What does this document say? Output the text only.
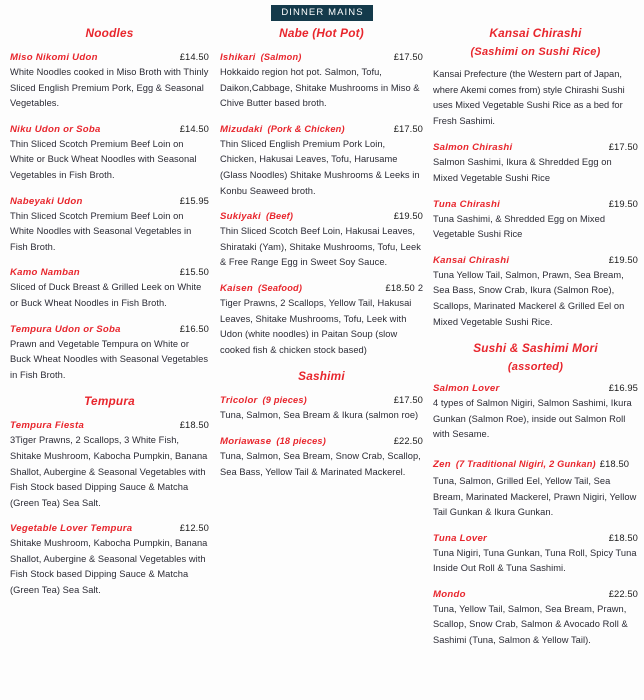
DINNER MAINS
Noodles
Miso Nikomi Udon	£14.50
White Noodles cooked in Miso Broth with Thinly Sliced English Premium Pork, Egg & Seasonal Vegetables.
Niku Udon or Soba	£14.50
Thin Sliced Scotch Premium Beef Loin on White or Buck Wheat Noodles with Seasonal Vegetables in Fish Broth.
Nabeyaki Udon	£15.95
Thin Sliced Scotch Premium Beef Loin on White Noodles with Seasonal Vegetables in Fish Broth.
Kamo Namban	£15.50
Sliced of Duck Breast & Grilled Leek on White or Buck Wheat Noodles in Fish Broth.
Tempura Udon or Soba	£16.50
Prawn and Vegetable Tempura on White or Buck Wheat Noodles with Seasonal Vegetables in Fish Broth.
Tempura
Tempura Fiesta	£18.50
3Tiger Prawns, 2 Scallops, 3 White Fish, Shitake Mushroom, Kabocha Pumpkin, Banana Shallot, Aubergine & Seasonal Vegetables with Fish Stock based Dipping Sauce & Matcha (Green Tea) Sea Salt.
Vegetable Lover Tempura	£12.50
Shitake Mushroom, Kabocha Pumpkin, Banana Shallot, Aubergine & Seasonal Vegetables with Fish Stock based Dipping Sauce & Matcha (Green Tea) Sea Salt.
Nabe (Hot Pot)
Ishikari (Salmon)	£17.50
Hokkaido region hot pot. Salmon, Tofu, Daikon,Cabbage, Shitake Mushrooms in Miso & Chive Butter based broth.
Mizudaki (Pork & Chicken)	£17.50
Thin Sliced English Premium Pork Loin, Chicken, Hakusai Leaves, Tofu, Harusame (Glass Noodles) Shitake Mushrooms & Leeks in Konbu Seaweed broth.
Sukiyaki (Beef)	£19.50
Thin Sliced Scotch Beef Loin, Hakusai Leaves, Shirataki (Yam), Shitake Mushrooms, Tofu, Leek & Free Range Egg in Sweet Soy Sauce.
Kaisen (Seafood)	£18.50 2
Tiger Prawns, 2 Scallops, Yellow Tail, Hakusai Leaves, Shitake Mushrooms, Tofu, Leek with Udon (white noodles) in Paitan Soup (slow cooked fish & chicken stock based)
Sashimi
Tricolor (9 pieces)	£17.50
Tuna, Salmon, Sea Bream & Ikura (salmon roe)
Moriawase (18 pieces)	£22.50
Tuna, Salmon, Sea Bream, Snow Crab, Scallop, Sea Bass, Yellow Tail & Marinated Mackerel.
Kansai Chirashi
(Sashimi on Sushi Rice)
Kansai Prefecture (the Western part of Japan, where Akemi comes from) style Chirashi Sushi uses Mixed Vegetable Sushi Rice as a bed for Fresh Sashimi.
Salmon Chirashi	£17.50
Salmon Sashimi, Ikura & Shredded Egg on Mixed Vegetable Sushi Rice
Tuna Chirashi	£19.50
Tuna Sashimi, & Shredded Egg on Mixed Vegetable Sushi Rice
Kansai Chirashi	£19.50
Tuna Yellow Tail, Salmon, Prawn, Sea Bream, Sea Bass, Snow Crab, Ikura (Salmon Roe), Scallops, Marinated Mackerel & Grilled Eel on Mixed Vegetable Sushi Rice.
Sushi & Sashimi Mori
(assorted)
Salmon Lover	£16.95
4 types of Salmon Nigiri, Salmon Sashimi, Ikura Gunkan (Salmon Roe), inside out Salmon Roll with Sesame.
Zen (7 Traditional Nigiri, 2 Gunkan) £18.50
Tuna, Salmon, Grilled Eel, Yellow Tail, Sea Bream, Marinated Mackerel, Prawn Nigiri, Yellow Tail Gunkan & Ikura Gunkan.
Tuna Lover	£18.50
Tuna Nigiri, Tuna Gunkan, Tuna Roll, Spicy Tuna Inside Out Roll & Tuna Sashimi.
Mondo	£22.50
Tuna, Yellow Tail, Salmon, Sea Bream, Prawn, Scallop, Snow Crab, Salmon & Avocado Roll & Sashimi (Tuna, Salmon & Yellow Tail).
